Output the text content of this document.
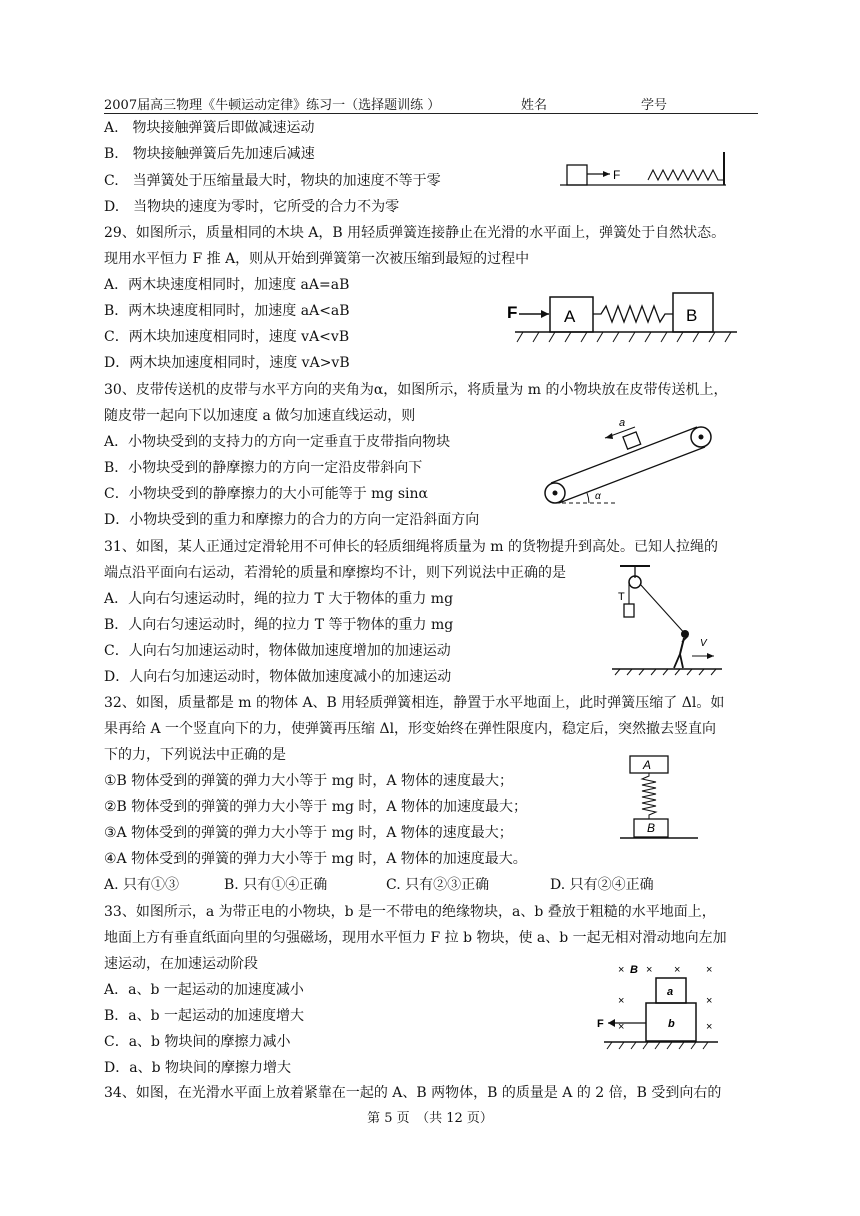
2007届高三物理《牛顿运动定律》练习一（选择题训练 ）	姓名	学号
A.　物块接触弹簧后即做减速运动
B.　物块接触弹簧后先加速后减速
C.　当弹簧处于压缩量最大时，物块的加速度不等于零
D.　当物块的速度为零时，它所受的合力不为零
F
29、如图所示，质量相同的木块 A，B 用轻质弹簧连接静止在光滑的水平面上，弹簧处于自然状态。
现用水平恒力 F 推 A，则从开始到弹簧第一次被压缩到最短的过程中
A．两木块速度相同时，加速度 aA=aB
B．两木块速度相同时，加速度 aA<aB
C．两木块加速度相同时，速度 vA<vB
D．两木块加速度相同时，速度 vA>vB
F	A	B
30、皮带传送机的皮带与水平方向的夹角为α，如图所示，将质量为 m 的小物块放在皮带传送机上，
随皮带一起向下以加速度 a 做匀加速直线运动，则
A．小物块受到的支持力的方向一定垂直于皮带指向物块
B．小物块受到的静摩擦力的方向一定沿皮带斜向下
C．小物块受到的静摩擦力的大小可能等于 mg sinα
D．小物块受到的重力和摩擦力的合力的方向一定沿斜面方向
a
α
31、如图，某人正通过定滑轮用不可伸长的轻质细绳将质量为 m 的货物提升到高处。已知人拉绳的
端点沿平面向右运动，若滑轮的质量和摩擦均不计，则下列说法中正确的是
A．人向右匀速运动时，绳的拉力 T 大于物体的重力 mg
B．人向右匀速运动时，绳的拉力 T 等于物体的重力 mg
C．人向右匀加速运动时，物体做加速度增加的加速运动
D．人向右匀加速运动时，物体做加速度减小的加速运动
T
V
32、如图，质量都是 m 的物体 A、B 用轻质弹簧相连，静置于水平地面上，此时弹簧压缩了 Δl。如
果再给 A 一个竖直向下的力，使弹簧再压缩 Δl，形变始终在弹性限度内，稳定后，突然撤去竖直向
下的力，下列说法中正确的是
①B 物体受到的弹簧的弹力大小等于 mg 时，A 物体的速度最大；
②B 物体受到的弹簧的弹力大小等于 mg 时，A 物体的加速度最大；
③A 物体受到的弹簧的弹力大小等于 mg 时，A 物体的速度最大；
④A 物体受到的弹簧的弹力大小等于 mg 时，A 物体的加速度最大。
A. 只有①③	B. 只有①④正确	C. 只有②③正确	D. 只有②④正确
A
B
33、如图所示，a 为带正电的小物块，b 是一不带电的绝缘物块，a、b 叠放于粗糙的水平地面上，
地面上方有垂直纸面向里的匀强磁场，现用水平恒力 F 拉 b 物块，使 a、b 一起无相对滑动地向左加
速运动，在加速运动阶段
A．a、b 一起运动的加速度减小
B．a、b 一起运动的加速度增大
C．a、b 物块间的摩擦力减小
D．a、b 物块间的摩擦力增大
× B × × ×
×	×
×	×
a
b
F
34、如图，在光滑水平面上放着紧靠在一起的 A、B 两物体，B 的质量是 A 的 2 倍，B 受到向右的
第 5 页　（共 12 页）
